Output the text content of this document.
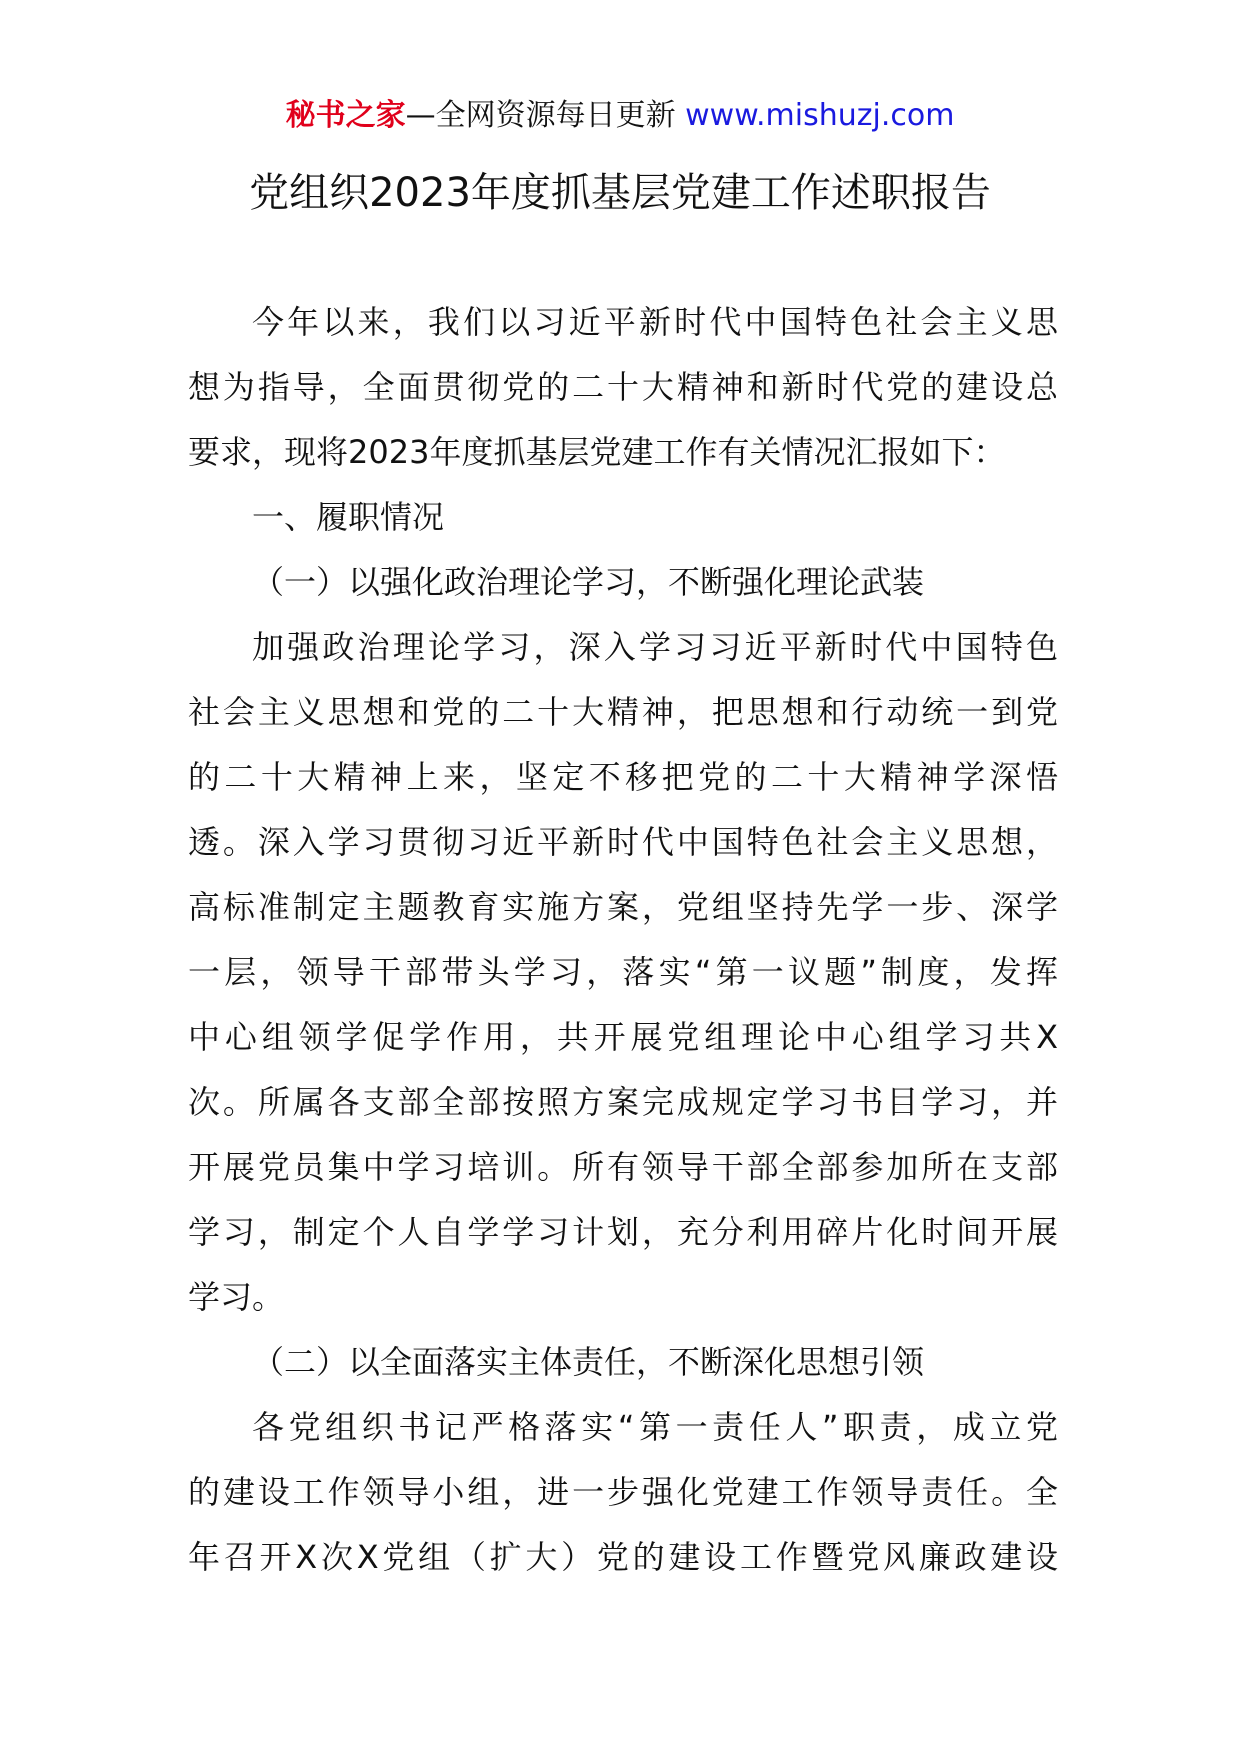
秘书之家—全网资源每日更新 www.mishuzj.com
党组织2023年度抓基层党建工作述职报告
今年以来，我们以习近平新时代中国特色社会主义思
想为指导，全面贯彻党的二十大精神和新时代党的建设总
要求，现将2023年度抓基层党建工作有关情况汇报如下：
一、履职情况
（一）以强化政治理论学习，不断强化理论武装
加强政治理论学习，深入学习习近平新时代中国特色
社会主义思想和党的二十大精神，把思想和行动统一到党
的二十大精神上来，坚定不移把党的二十大精神学深悟
透。深入学习贯彻习近平新时代中国特色社会主义思想，
高标准制定主题教育实施方案，党组坚持先学一步、深学
一层，领导干部带头学习，落实“第一议题”制度，发挥
中心组领学促学作用，共开展党组理论中心组学习共X
次。所属各支部全部按照方案完成规定学习书目学习，并
开展党员集中学习培训。所有领导干部全部参加所在支部
学习，制定个人自学学习计划，充分利用碎片化时间开展
学习。
（二）以全面落实主体责任，不断深化思想引领
各党组织书记严格落实“第一责任人”职责，成立党
的建设工作领导小组，进一步强化党建工作领导责任。全
年召开X次X党组（扩大）党的建设工作暨党风廉政建设
